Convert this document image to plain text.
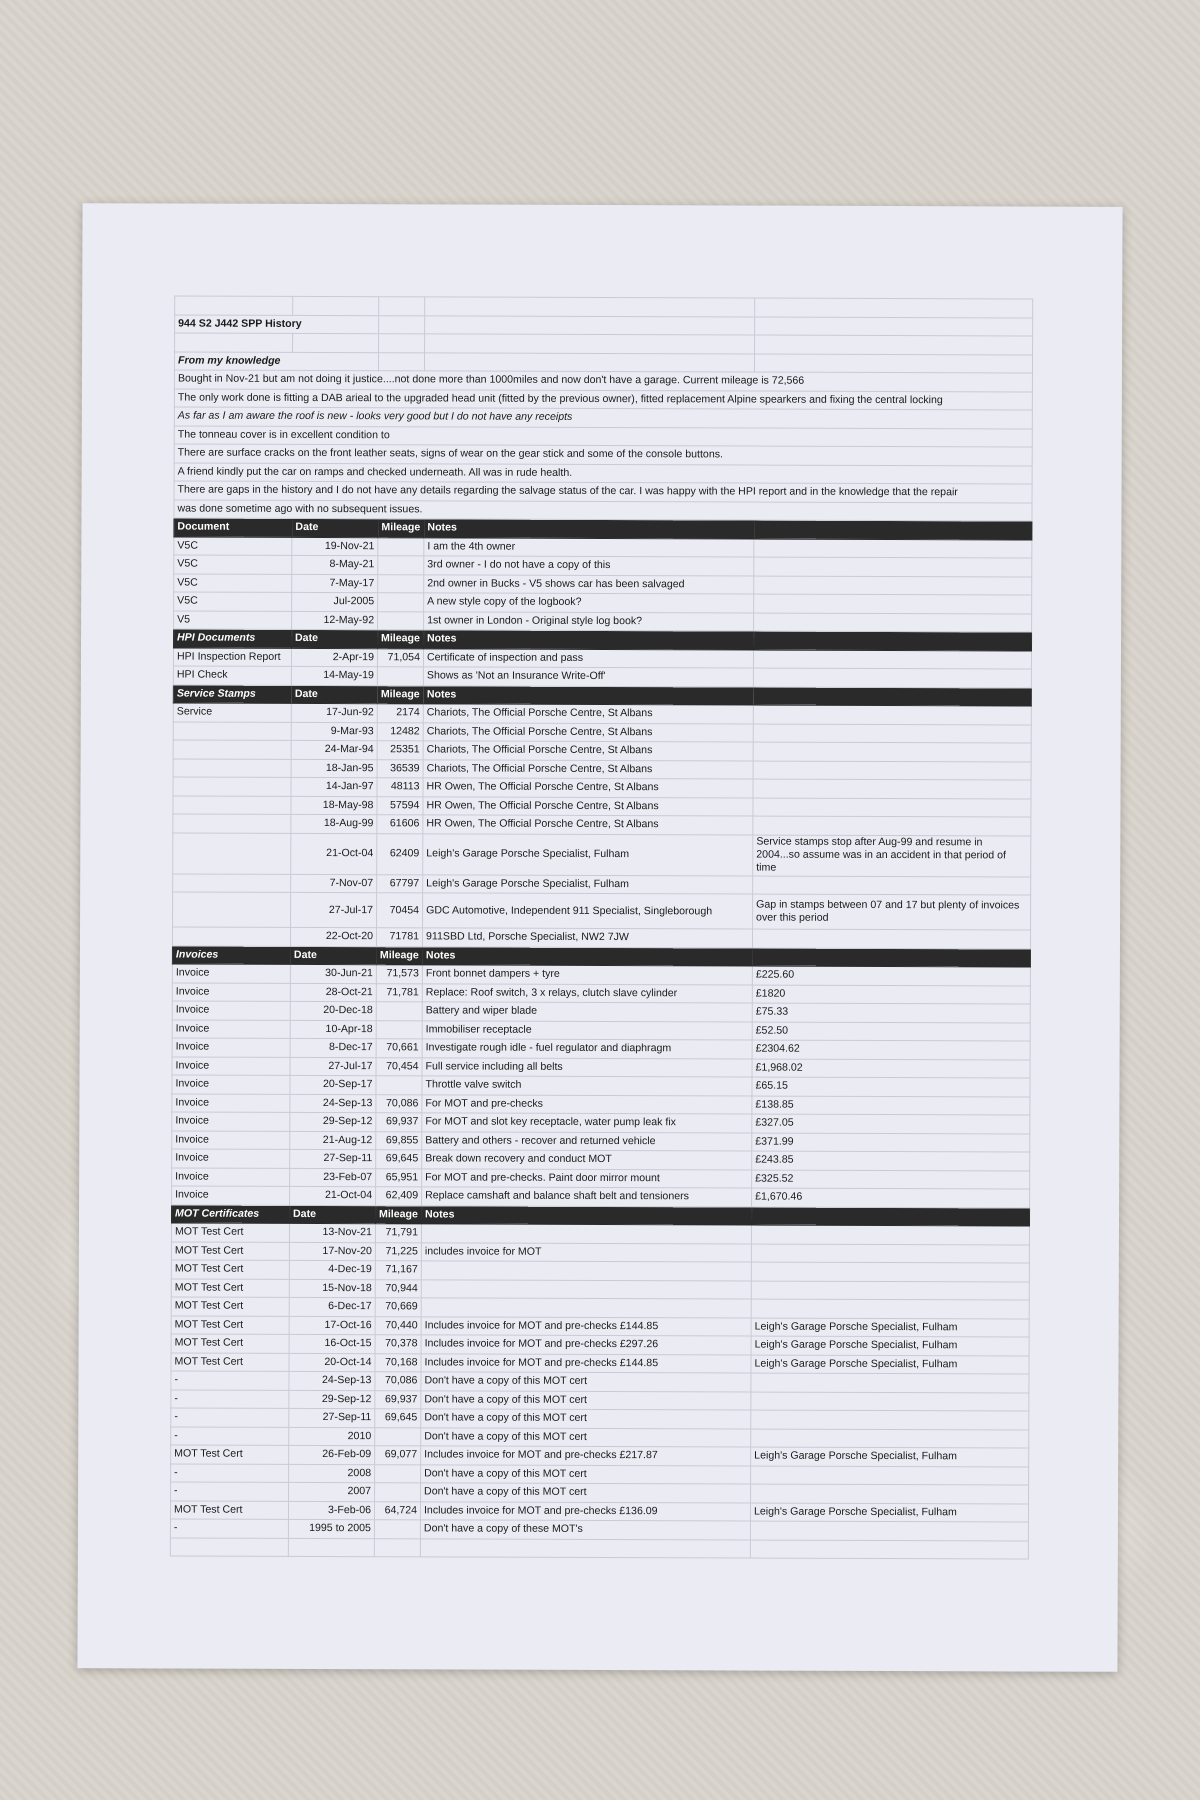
944 S2 J442 SPP History				

From my knowledge				
Bought in Nov-21 but am not doing it justice....not done more than 1000miles and now don't have a garage. Current mileage is 72,566				
The only work done is fitting a DAB arieal to the upgraded head unit (fitted by the previous owner), fitted replacement Alpine spearkers and fixing the central locking				
As far as I am aware the roof is new - looks very good but I do not have any receipts				
The tonneau cover is in excellent condition to				
There are surface cracks on the front leather seats, signs of wear on the gear stick and some of the console buttons.				
A friend kindly put the car on ramps and checked underneath. All was in rude health.				
There are gaps in the history and I do not have any details regarding the salvage status of the car. I was happy with the HPI report and in the knowledge that the repair				
was done sometime ago with no subsequent issues.				
Document	Date	Mileage	Notes	
V5C	19-Nov-21		I am the 4th owner	
V5C	8-May-21		3rd owner - I do not have a copy of this	
V5C	7-May-17		2nd owner in Bucks - V5 shows car has been salvaged	
V5C	Jul-2005		A new style copy of the logbook?	
V5	12-May-92		1st owner in London - Original style log book?	
HPI Documents	Date	Mileage	Notes	
HPI Inspection Report	2-Apr-19	71,054	Certificate of inspection and pass	
HPI Check	14-May-19		Shows as 'Not an Insurance Write-Off'	
Service Stamps	Date	Mileage	Notes	
Service	17-Jun-92	2174	Chariots, The Official Porsche Centre, St Albans	
	9-Mar-93	12482	Chariots, The Official Porsche Centre, St Albans	
	24-Mar-94	25351	Chariots, The Official Porsche Centre, St Albans	
	18-Jan-95	36539	Chariots, The Official Porsche Centre, St Albans	
	14-Jan-97	48113	HR Owen, The Official Porsche Centre, St Albans	
	18-May-98	57594	HR Owen, The Official Porsche Centre, St Albans	
	18-Aug-99	61606	HR Owen, The Official Porsche Centre, St Albans	
	21-Oct-04	62409	Leigh's Garage Porsche Specialist, Fulham	Service stamps stop after Aug-99 and resume in 2004...so assume was in an accident in that period of time
	7-Nov-07	67797	Leigh's Garage Porsche Specialist, Fulham	
	27-Jul-17	70454	GDC Automotive, Independent 911 Specialist, Singleborough	Gap in stamps between 07 and 17 but plenty of invoices over this period
	22-Oct-20	71781	911SBD Ltd, Porsche Specialist, NW2 7JW	
Invoices	Date	Mileage	Notes	
Invoice	30-Jun-21	71,573	Front bonnet dampers + tyre	£225.60
Invoice	28-Oct-21	71,781	Replace: Roof switch, 3 x relays, clutch slave cylinder	£1820
Invoice	20-Dec-18		Battery and wiper blade	£75.33
Invoice	10-Apr-18		Immobiliser receptacle	£52.50
Invoice	8-Dec-17	70,661	Investigate rough idle - fuel regulator and diaphragm	£2304.62
Invoice	27-Jul-17	70,454	Full service including all belts	£1,968.02
Invoice	20-Sep-17		Throttle valve switch	£65.15
Invoice	24-Sep-13	70,086	For MOT and pre-checks	£138.85
Invoice	29-Sep-12	69,937	For MOT and slot key receptacle, water pump leak fix	£327.05
Invoice	21-Aug-12	69,855	Battery and others - recover and returned vehicle	£371.99
Invoice	27-Sep-11	69,645	Break down recovery and conduct MOT	£243.85
Invoice	23-Feb-07	65,951	For MOT and pre-checks. Paint door mirror mount	£325.52
Invoice	21-Oct-04	62,409	Replace camshaft and balance shaft belt and tensioners	£1,670.46
MOT Certificates	Date	Mileage	Notes	
MOT Test Cert	13-Nov-21	71,791		
MOT Test Cert	17-Nov-20	71,225	includes invoice for MOT	
MOT Test Cert	4-Dec-19	71,167		
MOT Test Cert	15-Nov-18	70,944		
MOT Test Cert	6-Dec-17	70,669		
MOT Test Cert	17-Oct-16	70,440	Includes invoice for MOT and pre-checks £144.85	Leigh's Garage Porsche Specialist, Fulham
MOT Test Cert	16-Oct-15	70,378	Includes invoice for MOT and pre-checks £297.26	Leigh's Garage Porsche Specialist, Fulham
MOT Test Cert	20-Oct-14	70,168	Includes invoice for MOT and pre-checks £144.85	Leigh's Garage Porsche Specialist, Fulham
-	24-Sep-13	70,086	Don't have a copy of this MOT cert	
-	29-Sep-12	69,937	Don't have a copy of this MOT cert	
-	27-Sep-11	69,645	Don't have a copy of this MOT cert	
-	2010		Don't have a copy of this MOT cert	
MOT Test Cert	26-Feb-09	69,077	Includes invoice for MOT and pre-checks £217.87	Leigh's Garage Porsche Specialist, Fulham
-	2008		Don't have a copy of this MOT cert	
-	2007		Don't have a copy of this MOT cert	
MOT Test Cert	3-Feb-06	64,724	Includes invoice for MOT and pre-checks £136.09	Leigh's Garage Porsche Specialist, Fulham
-	1995 to 2005		Don't have a copy of these MOT's	
